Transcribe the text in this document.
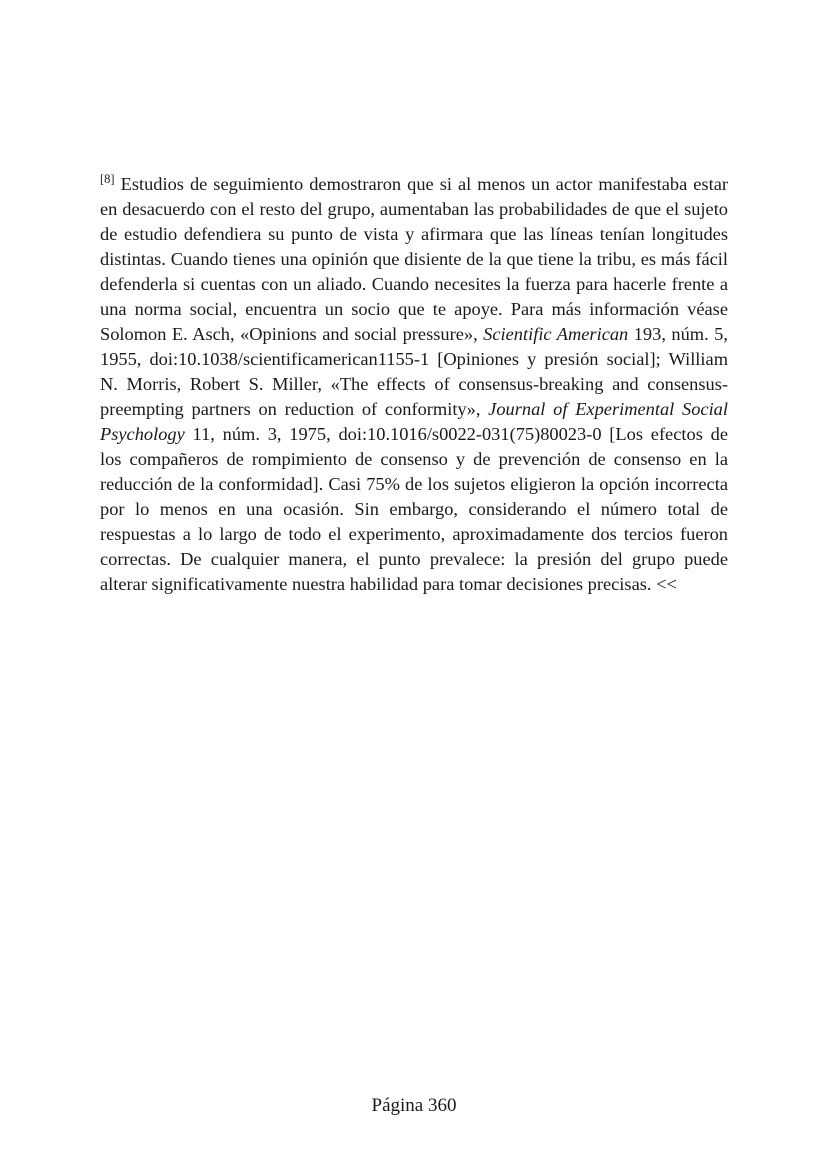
[8] Estudios de seguimiento demostraron que si al menos un actor manifestaba estar en desacuerdo con el resto del grupo, aumentaban las probabilidades de que el sujeto de estudio defendiera su punto de vista y afirmara que las líneas tenían longitudes distintas. Cuando tienes una opinión que disiente de la que tiene la tribu, es más fácil defenderla si cuentas con un aliado. Cuando necesites la fuerza para hacerle frente a una norma social, encuentra un socio que te apoye. Para más información véase Solomon E. Asch, «Opinions and social pressure», Scientific American 193, núm. 5, 1955, doi:10.1038/scientificamerican1155-1 [Opiniones y presión social]; William N. Morris, Robert S. Miller, «The effects of consensus-breaking and consensus-preempting partners on reduction of conformity», Journal of Experimental Social Psychology 11, núm. 3, 1975, doi:10.1016/s0022-031(75)80023-0 [Los efectos de los compañeros de rompimiento de consenso y de prevención de consenso en la reducción de la conformidad]. Casi 75% de los sujetos eligieron la opción incorrecta por lo menos en una ocasión. Sin embargo, considerando el número total de respuestas a lo largo de todo el experimento, aproximadamente dos tercios fueron correctas. De cualquier manera, el punto prevalece: la presión del grupo puede alterar significativamente nuestra habilidad para tomar decisiones precisas. <<

Página 360
